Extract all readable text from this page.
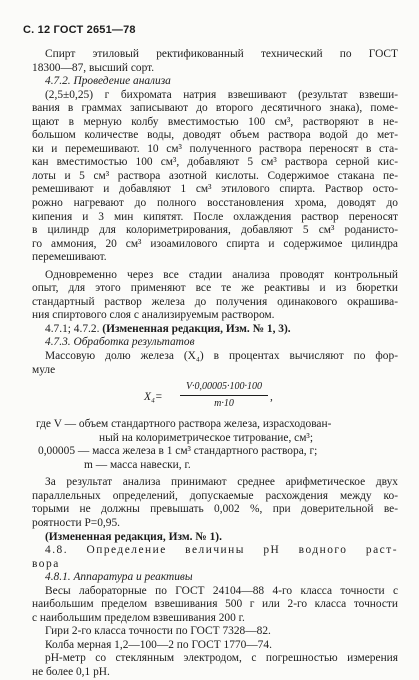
С. 12 ГОСТ 2651—78
Спирт этиловый ректификованный технический по ГОСТ
18300—87, высший сорт.
4.7.2. Проведение анализа
(2,5±0,25) г бихромата натрия взвешивают (результат взвеши-
вания в граммах записывают до второго десятичного знака), поме-
щают в мерную колбу вместимостью 100 см³, растворяют в не-
большом количестве воды, доводят объем раствора водой до мет-
ки и перемешивают. 10 см³ полученного раствора переносят в ста-
кан вместимостью 100 см³, добавляют 5 см³ раствора серной кис-
лоты и 5 см³ раствора азотной кислоты. Содержимое стакана пе-
ремешивают и добавляют 1 см³ этилового спирта. Раствор осто-
рожно нагревают до полного восстановления хрома, доводят до
кипения и 3 мин кипятят. После охлаждения раствор переносят
в цилиндр для колориметрирования, добавляют 5 см³ роданисто-
го аммония, 20 см³ изоамилового спирта и содержимое цилиндра
перемешивают.
Одновременно через все стадии анализа проводят контрольный
опыт, для этого применяют все те же реактивы и из бюретки
стандартный раствор железа до получения одинакового окрашива-
ния спиртового слоя с анализируемым раствором.
4.7.1; 4.7.2. (Измененная редакция, Изм. № 1, 3).
4.7.3. Обработка результатов
Массовую долю железа (X₄) в процентах вычисляют по фор-
муле
$X_4= \frac{V\cdot 0,00005\cdot 100\cdot 100}{m\cdot 10}$ ,
где V — объем стандартного раствора железа, израсходован-
ный на колориметрическое титрование, см³;
0,00005 — масса железа в 1 см³ стандартного раствора, г;
m — масса навески, г.
За результат анализа принимают среднее арифметическое двух
параллельных определений, допускаемые расхождения между ко-
торыми не должны превышать 0,002 %, при доверительной ве-
роятности P=0,95.
(Измененная редакция, Изм. № 1).
4.8. Определение величины рН водного раст-
вора
4.8.1. Аппаратура и реактивы
Весы лабораторные по ГОСТ 24104—88 4-го класса точности с
наибольшим пределом взвешивания 500 г или 2-го класса точности
с наибольшим пределом взвешивания 200 г.
Гири 2-го класса точности по ГОСТ 7328—82.
Колба мерная 1,2—100—2 по ГОСТ 1770—74.
рН-метр со стеклянным электродом, с погрешностью измерения
не более 0,1 рН.
